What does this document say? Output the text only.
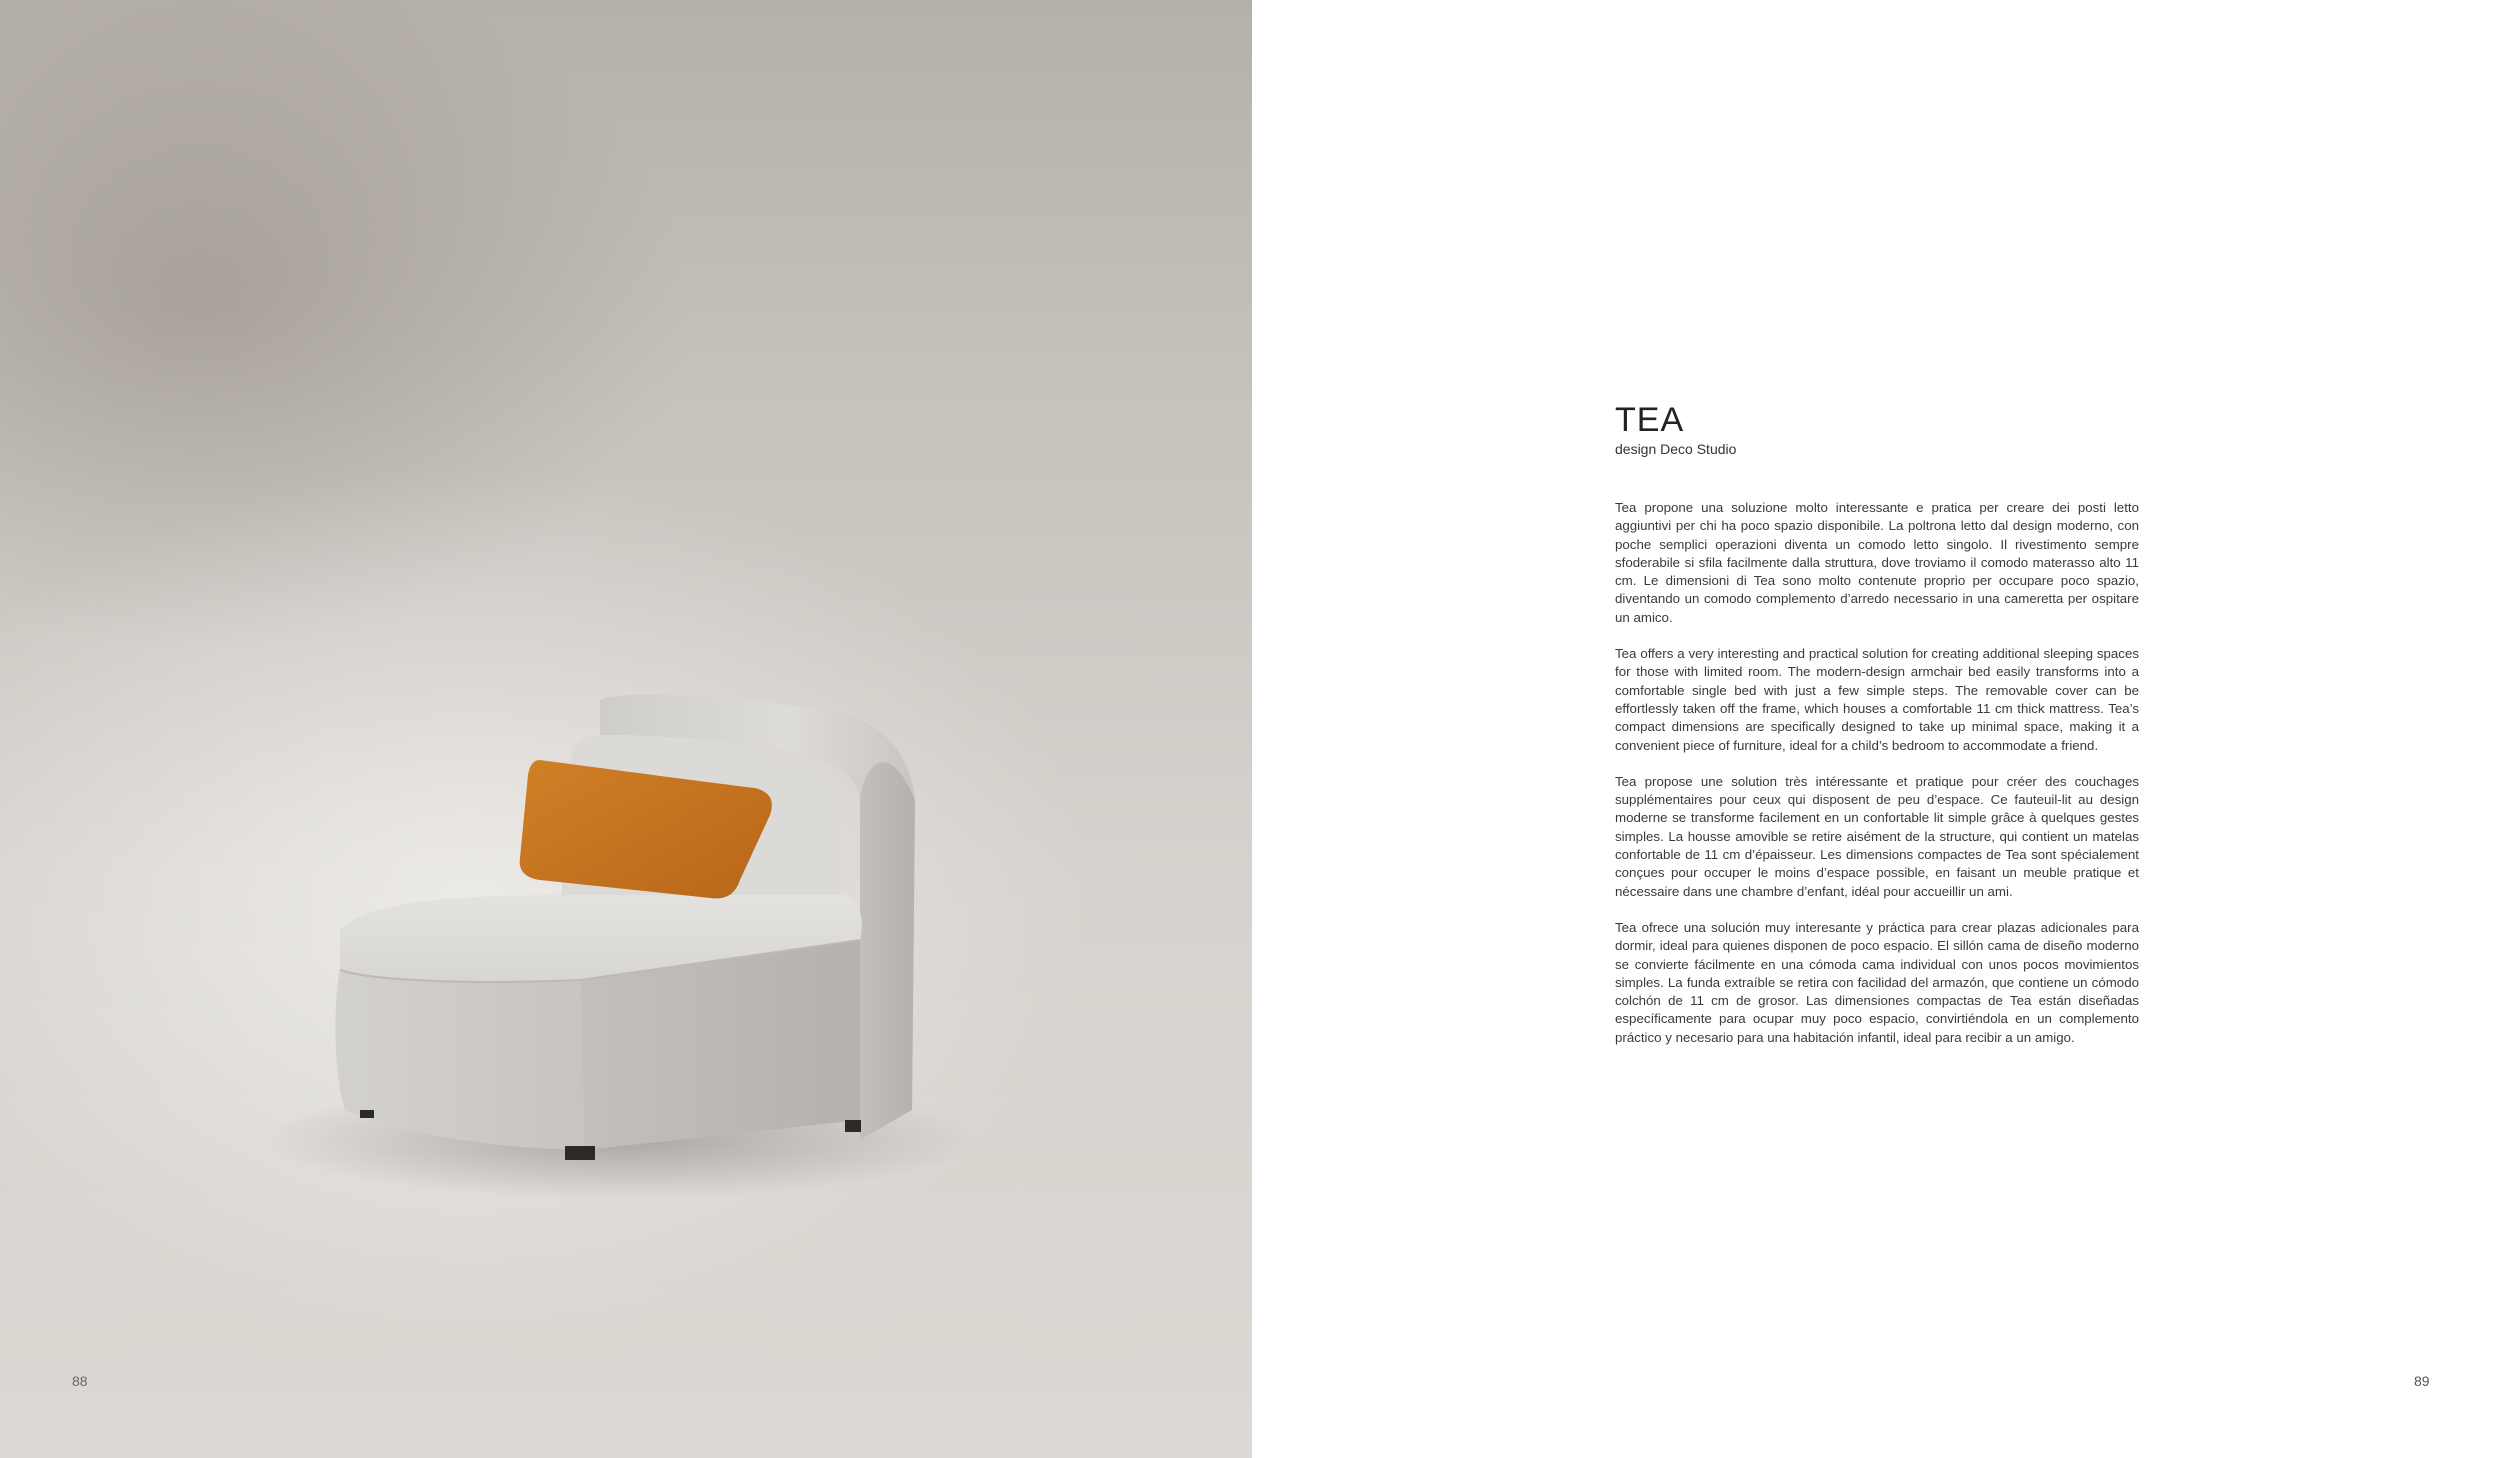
88
TEA
design Deco Studio

Tea propone una soluzione molto interessante e pratica per creare dei posti letto aggiuntivi per chi ha poco spazio disponibile. La poltrona letto dal design moderno, con poche semplici operazioni diventa un comodo letto singolo. Il rivestimento sempre sfoderabile si sfila facilmente dalla struttura, dove troviamo il comodo materasso alto 11 cm. Le dimensioni di Tea sono molto contenute proprio per occupare poco spazio, diventando un comodo complemento d’arredo necessario in una cameretta per ospitare un amico.

Tea offers a very interesting and practical solution for creating additional sleeping spaces for those with limited room. The modern-design armchair bed easily transforms into a comfortable single bed with just a few simple steps. The removable cover can be effortlessly taken off the frame, which houses a comfortable 11 cm thick mattress. Tea’s compact dimensions are specifically designed to take up minimal space, making it a convenient piece of furniture, ideal for a child’s bedroom to accommodate a friend.

Tea propose une solution très intéressante et pratique pour créer des couchages supplémentaires pour ceux qui disposent de peu d’espace. Ce fauteuil-lit au design moderne se transforme facilement en un confortable lit simple grâce à quelques gestes simples. La housse amovible se retire aisément de la structure, qui contient un matelas confortable de 11 cm d’épaisseur. Les dimensions compactes de Tea sont spécialement conçues pour occuper le moins d’espace possible, en faisant un meuble pratique et nécessaire dans une chambre d’enfant, idéal pour accueillir un ami.

Tea ofrece una solución muy interesante y práctica para crear plazas adicionales para dormir, ideal para quienes disponen de poco espacio. El sillón cama de diseño moderno se convierte fácilmente en una cómoda cama individual con unos pocos movimientos simples. La funda extraíble se retira con facilidad del armazón, que contiene un cómodo colchón de 11 cm de grosor. Las dimensiones compactas de Tea están diseñadas específicamente para ocupar muy poco espacio, convirtiéndola en un complemento práctico y necesario para una habitación infantil, ideal para recibir a un amigo.

89
